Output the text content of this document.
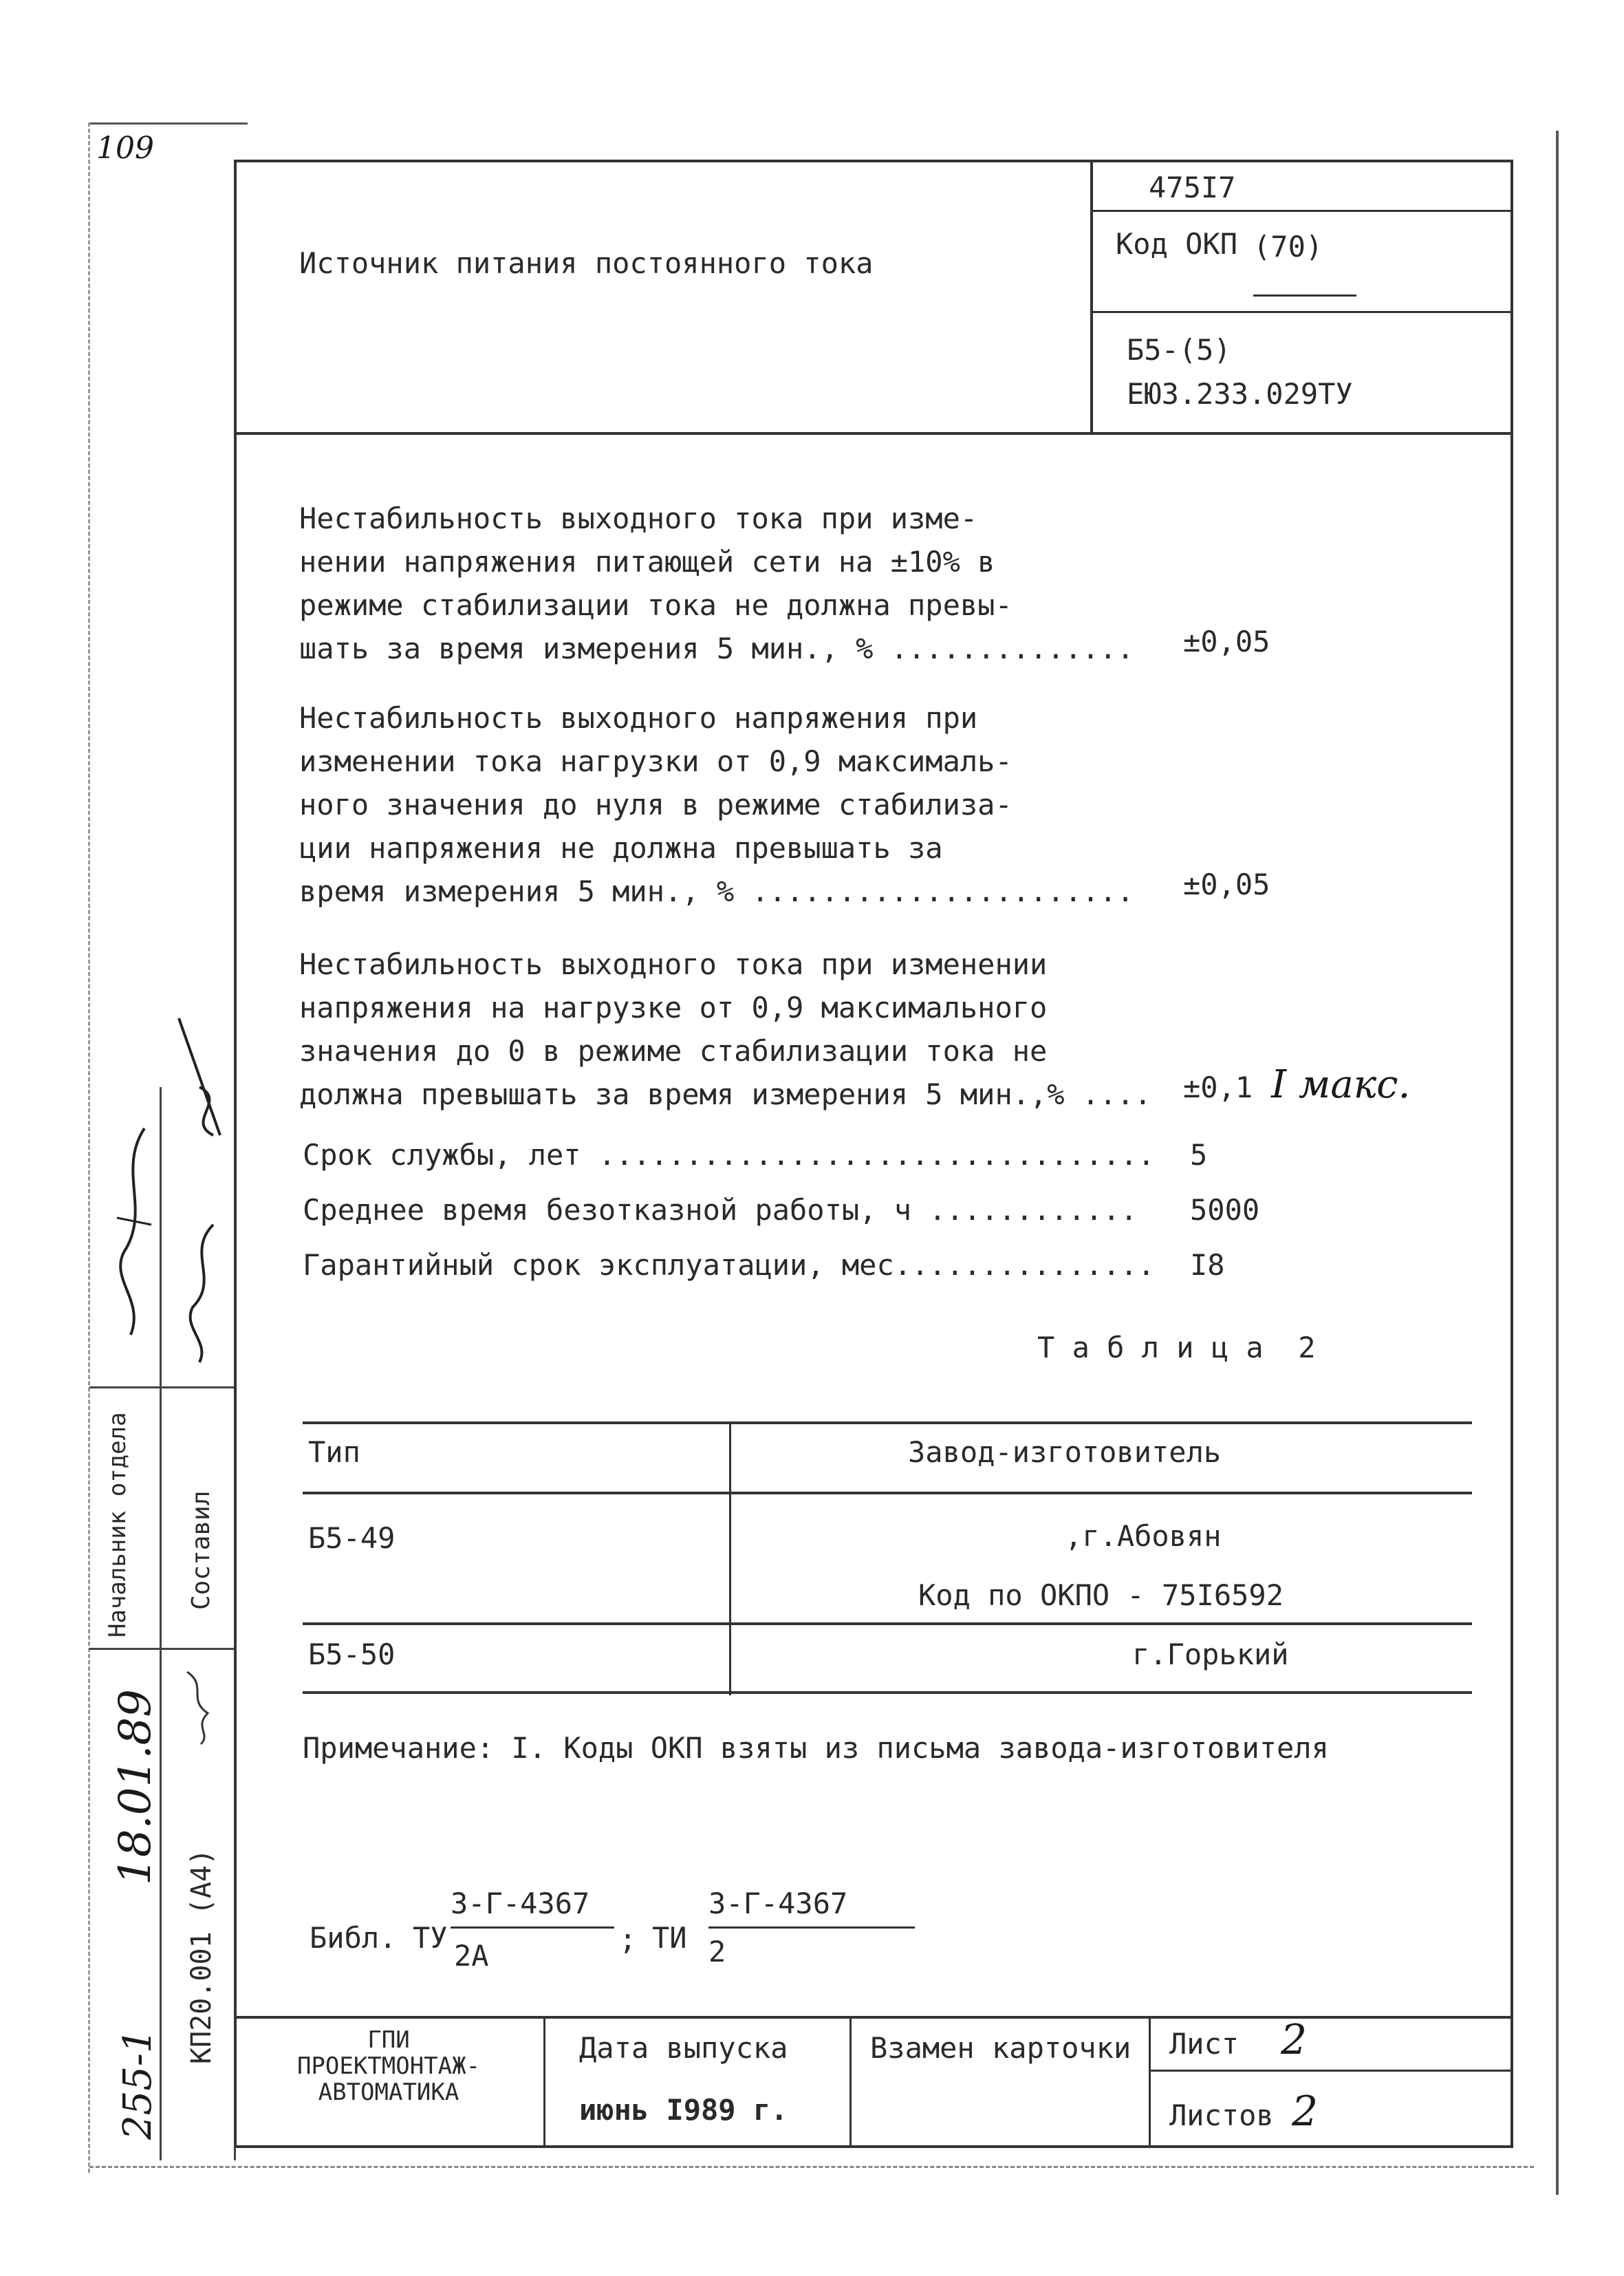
109
Начальник отдела Составил
18.01.89
КП20.001 (А4)
255-1
Источник питания постоянного тока
475I7
Код ОКП (70)
Б5-(5)
ЕЮ3.233.029ТУ
Нестабильность выходного тока при изме-
нении напряжения питающей сети на ±10% в
режиме стабилизации тока не должна превы-
шать за время измерения 5 мин., % .............. ±0,05
Нестабильность выходного напряжения при
изменении тока нагрузки от 0,9 максималь-
ного значения до нуля в режиме стабилиза-
ции напряжения не должна превышать за
время измерения 5 мин., % ...................... ±0,05
Нестабильность выходного тока при изменении
напряжения на нагрузке от 0,9 максимального
значения до 0 в режиме стабилизации тока не
должна превышать за время измерения 5 мин.,% .... ±0,1 I макс.
Срок службы, лет ................................ 5
Среднее время безотказной работы, ч ............ 5000
Гарантийный срок эксплуатации, мес............... I8
Т а б л и ц а  2
Тип	Завод-изготовитель
Б5-49	,г.Абовян
Код по ОКПО - 75I6592
Б5-50	г.Горький
Примечание: I. Коды ОКП взяты из письма завода-изготовителя
Библ. ТУ
3-Г-4367
2А	; ТИ
3-Г-4367
2
ГПИ
ПРОЕКТМОНТАЖ-
АВТОМАТИКА
Дата выпуска
июнь I989 г.
Взамен карточки Лист 2
Листов 2
